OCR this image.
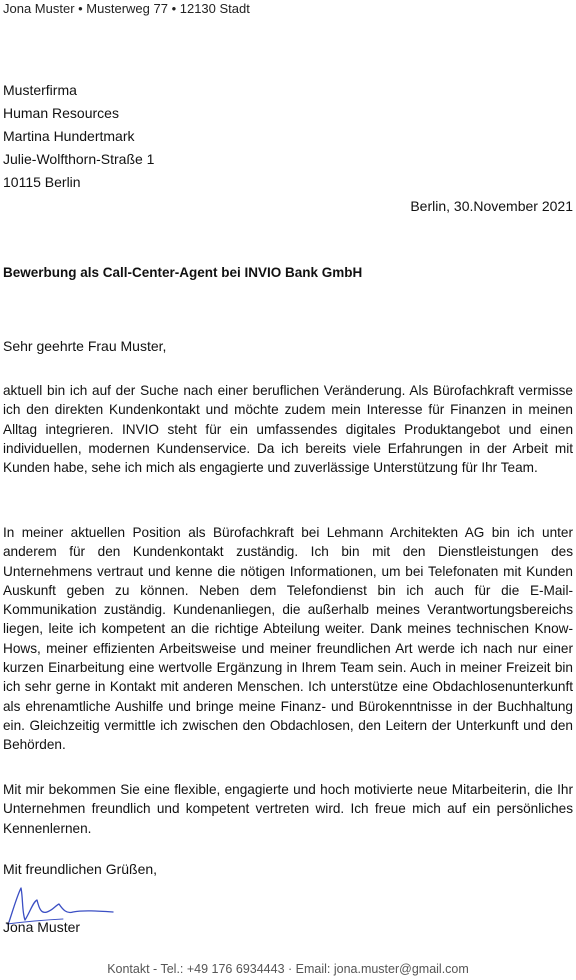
Jona Muster • Musterweg 77 • 12130 Stadt
Musterfirma
Human Resources
Martina Hundertmark
Julie-Wolfthorn-Straße 1
10115 Berlin
Berlin, 30.November 2021
Bewerbung als Call-Center-Agent bei INVIO Bank GmbH
Sehr geehrte Frau Muster,

aktuell bin ich auf der Suche nach einer beruflichen Veränderung. Als Bürofachkraft vermisse ich den direkten Kundenkontakt und möchte zudem mein Interesse für Finanzen in meinen Alltag integrieren. INVIO steht für ein umfassendes digitales Produktangebot und einen individuellen, modernen Kundenservice. Da ich bereits viele Erfahrungen in der Arbeit mit Kunden habe, sehe ich mich als engagierte und zuverlässige Unterstützung für Ihr Team.

In meiner aktuellen Position als Bürofachkraft bei Lehmann Architekten AG bin ich unter anderem für den Kundenkontakt zuständig. Ich bin mit den Dienstleistungen des Unternehmens vertraut und kenne die nötigen Informationen, um bei Telefonaten mit Kunden Auskunft geben zu können. Neben dem Telefondienst bin ich auch für die E-Mail-Kommunikation zuständig. Kundenanliegen, die außerhalb meines Verantwortungsbereichs liegen, leite ich kompetent an die richtige Abteilung weiter. Dank meines technischen Know-Hows, meiner effizienten Arbeitsweise und meiner freundlichen Art werde ich nach nur einer kurzen Einarbeitung eine wertvolle Ergänzung in Ihrem Team sein. Auch in meiner Freizeit bin ich sehr gerne in Kontakt mit anderen Menschen. Ich unterstütze eine Obdachlosenunterkunft als ehrenamtliche Aushilfe und bringe meine Finanz- und Bürokenntnisse in der Buchhaltung ein. Gleichzeitig vermittle ich zwischen den Obdachlosen, den Leitern der Unterkunft und den Behörden.

Mit mir bekommen Sie eine flexible, engagierte und hoch motivierte neue Mitarbeiterin, die Ihr Unternehmen freundlich und kompetent vertreten wird. Ich freue mich auf ein persönliches Kennenlernen.

Mit freundlichen Grüßen,
Jona Muster
Kontakt - Tel.: +49 176 6934443 · Email: jona.muster@gmail.com
